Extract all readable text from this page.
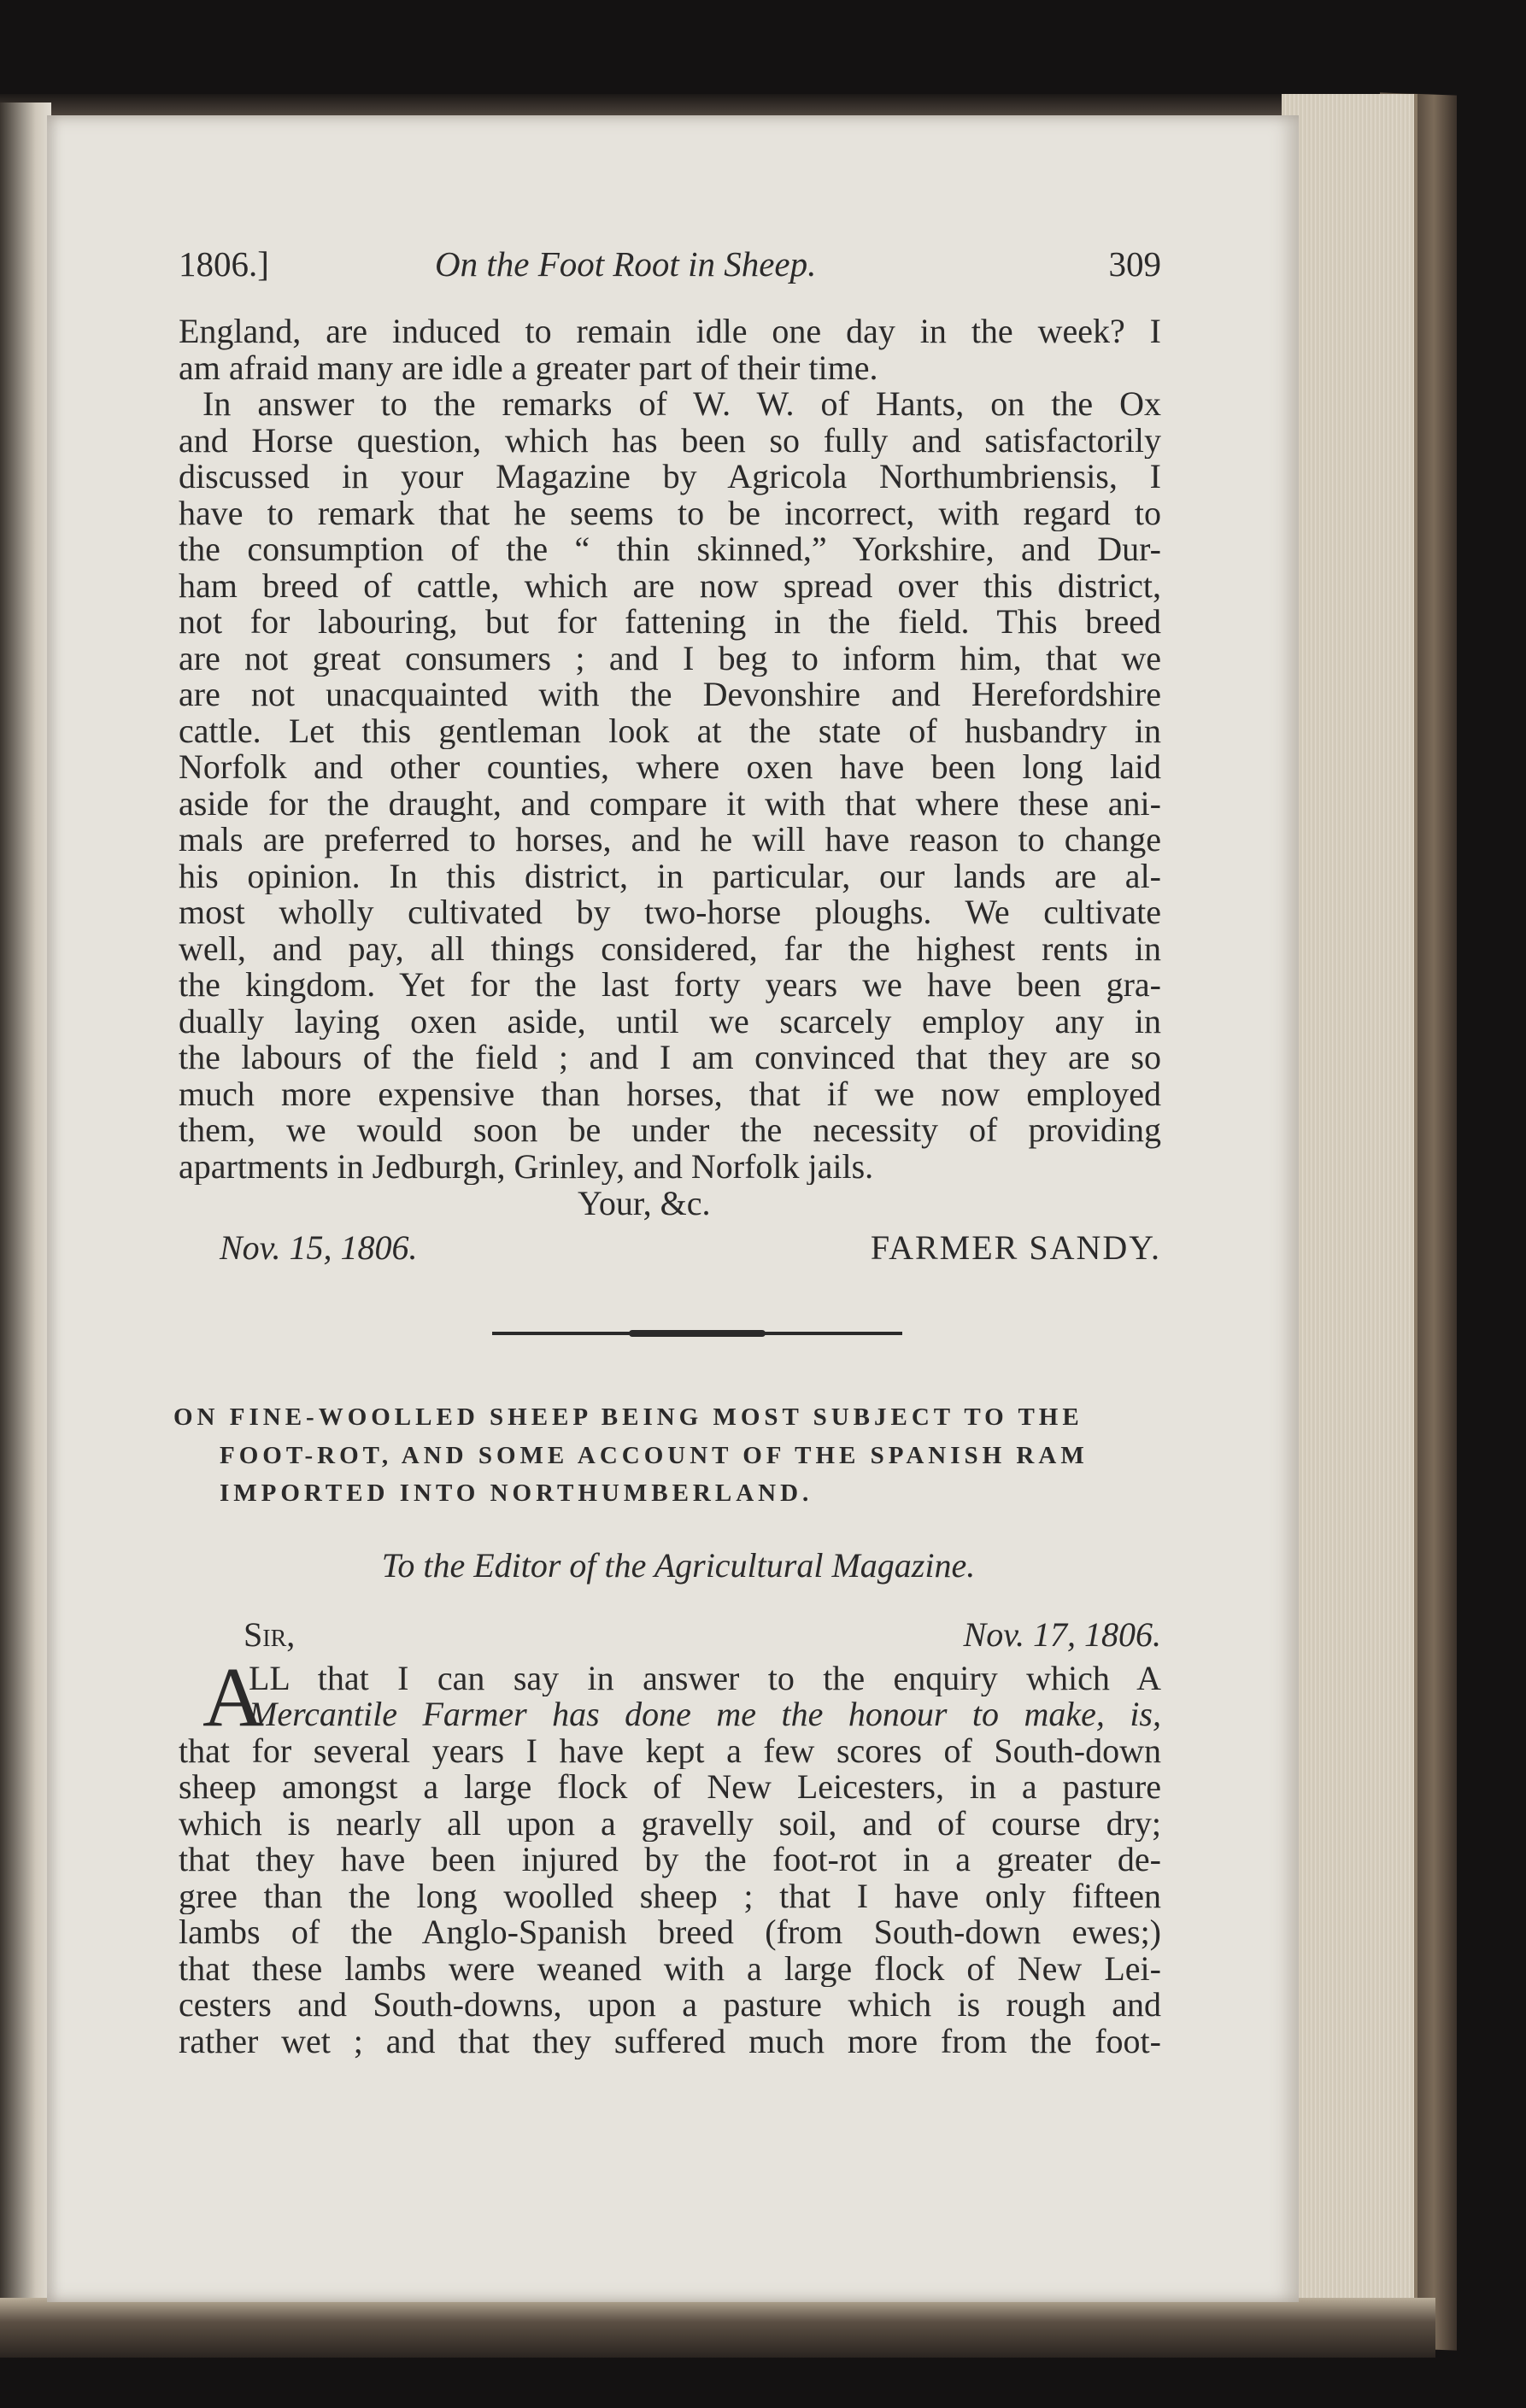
1806.]	On the Foot Root in Sheep.	309
England, are induced to remain idle one day in the week? I
am afraid many are idle a greater part of their time.
In answer to the remarks of W. W. of Hants, on the Ox
and Horse question, which has been so fully and satisfactorily
discussed in your Magazine by Agricola Northumbriensis, I
have to remark that he seems to be incorrect, with regard to
the consumption of the “ thin skinned,” Yorkshire, and Dur-
ham breed of cattle, which are now spread over this district,
not for labouring, but for fattening in the field. This breed
are not great consumers ; and I beg to inform him, that we
are not unacquainted with the Devonshire and Herefordshire
cattle. Let this gentleman look at the state of husbandry in
Norfolk and other counties, where oxen have been long laid
aside for the draught, and compare it with that where these ani-
mals are preferred to horses, and he will have reason to change
his opinion. In this district, in particular, our lands are al-
most wholly cultivated by two-horse ploughs. We cultivate
well, and pay, all things considered, far the highest rents in
the kingdom. Yet for the last forty years we have been gra-
dually laying oxen aside, until we scarcely employ any in
the labours of the field ; and I am convinced that they are so
much more expensive than horses, that if we now employed
them, we would soon be under the necessity of providing
apartments in Jedburgh, Grinley, and Norfolk jails.
Your, &c.
Nov. 15, 1806.	FARMER SANDY.
ON FINE-WOOLLED SHEEP BEING MOST SUBJECT TO THE
FOOT-ROT, AND SOME ACCOUNT OF THE SPANISH RAM
IMPORTED INTO NORTHUMBERLAND.
To the Editor of the Agricultural Magazine.
Sir,	Nov. 17, 1806.
A
LL that I can say in answer to the enquiry which A
Mercantile Farmer has done me the honour to make, is,
that for several years I have kept a few scores of South-down
sheep amongst a large flock of New Leicesters, in a pasture
which is nearly all upon a gravelly soil, and of course dry;
that they have been injured by the foot-rot in a greater de-
gree than the long woolled sheep ; that I have only fifteen
lambs of the Anglo-Spanish breed (from South-down ewes;)
that these lambs were weaned with a large flock of New Lei-
cesters and South-downs, upon a pasture which is rough and
rather wet ; and that they suffered much more from the foot-
